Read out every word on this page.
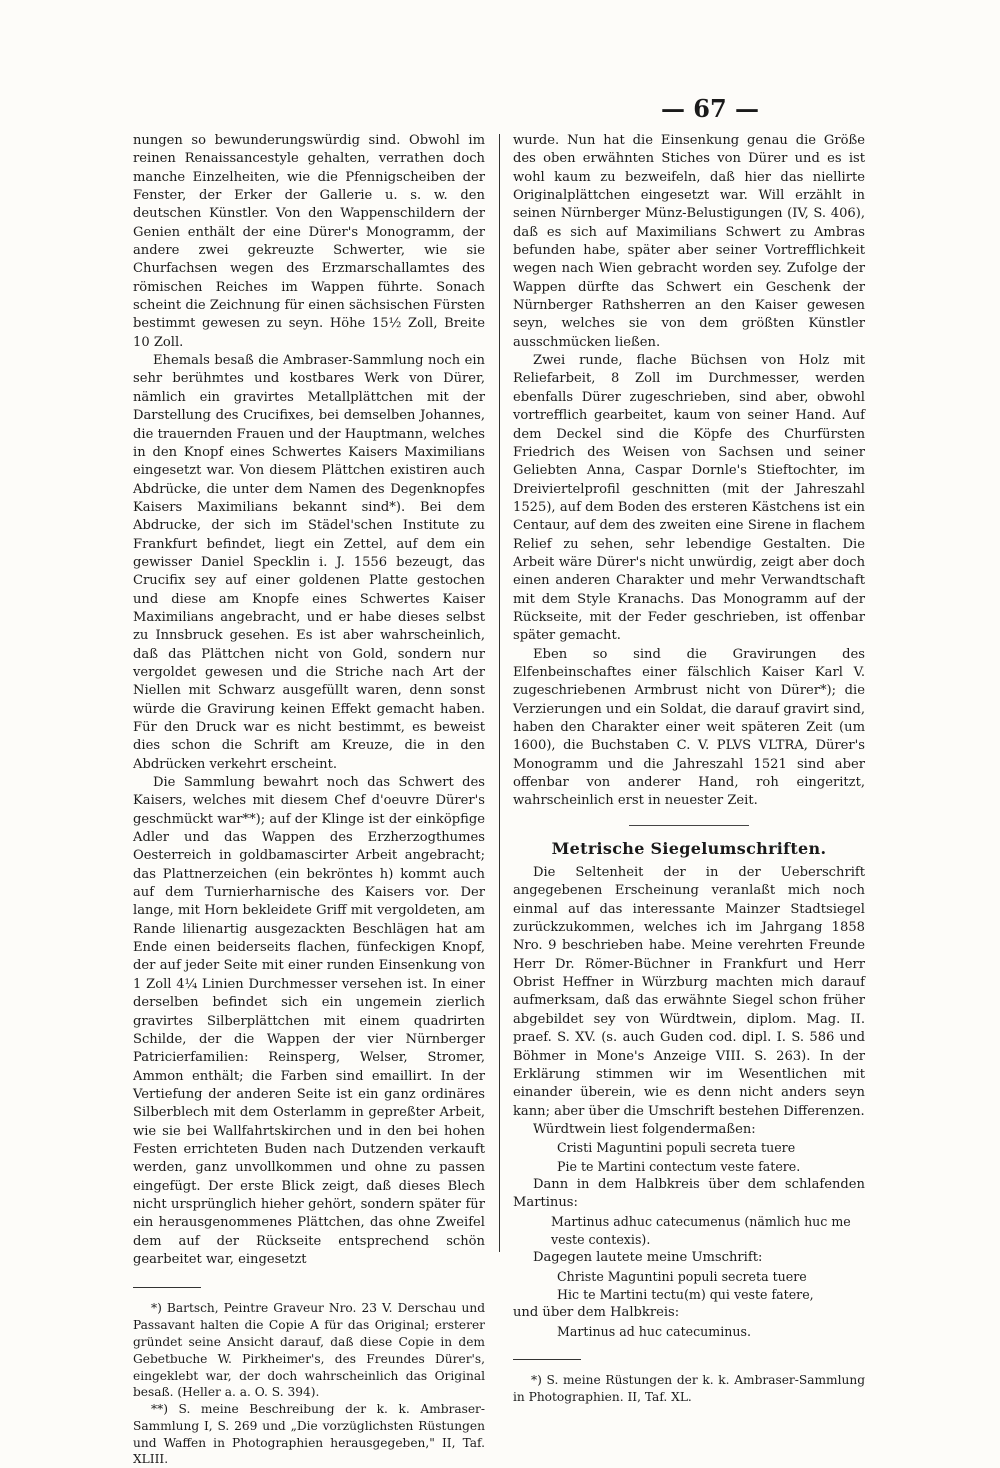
— 67 —

nungen so bewunderungswürdig sind. Obwohl im reinen Renaissancestyle gehalten, verrathen doch manche Einzelheiten, wie die Pfennigscheiben der Fenster, der Erker der Gallerie u. s. w. den deutschen Künstler. Von den Wappenschildern der Genien enthält der eine Dürer's Monogramm, der andere zwei gekreuzte Schwerter, wie sie Churfachsen wegen des Erzmarschallamtes des römischen Reiches im Wappen führte. Sonach scheint die Zeichnung für einen sächsischen Fürsten bestimmt gewesen zu seyn. Höhe 15½ Zoll, Breite 10 Zoll.

Ehemals besaß die Ambraser-Sammlung noch ein sehr berühmtes und kostbares Werk von Dürer, nämlich ein gravirtes Metallplättchen mit der Darstellung des Crucifixes, bei demselben Johannes, die trauernden Frauen und der Hauptmann, welches in den Knopf eines Schwertes Kaisers Maximilians eingesetzt war. Von diesem Plättchen existiren auch Abdrücke, die unter dem Namen des Degenknopfes Kaisers Maximilians bekannt sind*). Bei dem Abdrucke, der sich im Städel'schen Institute zu Frankfurt befindet, liegt ein Zettel, auf dem ein gewisser Daniel Specklin i. J. 1556 bezeugt, das Crucifix sey auf einer goldenen Platte gestochen und diese am Knopfe eines Schwertes Kaiser Maximilians angebracht, und er habe dieses selbst zu Innsbruck gesehen. Es ist aber wahrscheinlich, daß das Plättchen nicht von Gold, sondern nur vergoldet gewesen und die Striche nach Art der Niellen mit Schwarz ausgefüllt waren, denn sonst würde die Gravirung keinen Effekt gemacht haben. Für den Druck war es nicht bestimmt, es beweist dies schon die Schrift am Kreuze, die in den Abdrücken verkehrt erscheint.

Die Sammlung bewahrt noch das Schwert des Kaisers, welches mit diesem Chef d'oeuvre Dürer's geschmückt war**); auf der Klinge ist der einköpfige Adler und das Wappen des Erzherzogthumes Oesterreich in goldbamascirter Arbeit angebracht; das Plattnerzeichen (ein bekröntes h) kommt auch auf dem Turnierharnische des Kaisers vor. Der lange, mit Horn bekleidete Griff mit vergoldeten, am Rande lilienartig ausgezackten Beschlägen hat am Ende einen beiderseits flachen, fünfeckigen Knopf, der auf jeder Seite mit einer runden Einsenkung von 1 Zoll 4¼ Linien Durchmesser versehen ist. In einer derselben befindet sich ein ungemein zierlich gravirtes Silberplättchen mit einem quadrirten Schilde, der die Wappen der vier Nürnberger Patricierfamilien: Reinsperg, Welser, Stromer, Ammon enthält; die Farben sind emaillirt. In der Vertiefung der anderen Seite ist ein ganz ordinäres Silberblech mit dem Osterlamm in gepreßter Arbeit, wie sie bei Wallfahrtskirchen und in den bei hohen Festen errichteten Buden nach Dutzenden verkauft werden, ganz unvollkommen und ohne zu passen eingefügt. Der erste Blick zeigt, daß dieses Blech nicht ursprünglich hieher gehört, sondern später für ein herausgenommenes Plättchen, das ohne Zweifel dem auf der Rückseite entsprechend schön gearbeitet war, eingesetzt

*) Bartsch, Peintre Graveur Nro. 23 V. Derschau und Passavant halten die Copie A für das Original; ersterer gründet seine Ansicht darauf, daß diese Copie in dem Gebetbuche W. Pirkheimer's, des Freundes Dürer's, eingeklebt war, der doch wahrscheinlich das Original besaß. (Heller a. a. O. S. 394).

**) S. meine Beschreibung der k. k. Ambraser-Sammlung I, S. 269 und „Die vorzüglichsten Rüstungen und Waffen in Photographien herausgegeben," II, Taf. XLIII.

wurde. Nun hat die Einsenkung genau die Größe des oben erwähnten Stiches von Dürer und es ist wohl kaum zu bezweifeln, daß hier das niellirte Originalplättchen eingesetzt war. Will erzählt in seinen Nürnberger Münz-Belustigungen (IV, S. 406), daß es sich auf Maximilians Schwert zu Ambras befunden habe, später aber seiner Vortrefflichkeit wegen nach Wien gebracht worden sey. Zufolge der Wappen dürfte das Schwert ein Geschenk der Nürnberger Rathsherren an den Kaiser gewesen seyn, welches sie von dem größten Künstler ausschmücken ließen.

Zwei runde, flache Büchsen von Holz mit Reliefarbeit, 8 Zoll im Durchmesser, werden ebenfalls Dürer zugeschrieben, sind aber, obwohl vortrefflich gearbeitet, kaum von seiner Hand. Auf dem Deckel sind die Köpfe des Churfürsten Friedrich des Weisen von Sachsen und seiner Geliebten Anna, Caspar Dornle's Stieftochter, im Dreiviertelprofil geschnitten (mit der Jahreszahl 1525), auf dem Boden des ersteren Kästchens ist ein Centaur, auf dem des zweiten eine Sirene in flachem Relief zu sehen, sehr lebendige Gestalten. Die Arbeit wäre Dürer's nicht unwürdig, zeigt aber doch einen anderen Charakter und mehr Verwandtschaft mit dem Style Kranachs. Das Monogramm auf der Rückseite, mit der Feder geschrieben, ist offenbar später gemacht.

Eben so sind die Gravirungen des Elfenbeinschaftes einer fälschlich Kaiser Karl V. zugeschriebenen Armbrust nicht von Dürer*); die Verzierungen und ein Soldat, die darauf gravirt sind, haben den Charakter einer weit späteren Zeit (um 1600), die Buchstaben C. V. PLVS VLTRA, Dürer's Monogramm und die Jahreszahl 1521 sind aber offenbar von anderer Hand, roh eingeritzt, wahrscheinlich erst in neuester Zeit.

Metrische Siegelumschriften.

Die Seltenheit der in der Ueberschrift angegebenen Erscheinung veranlaßt mich noch einmal auf das interessante Mainzer Stadtsiegel zurückzukommen, welches ich im Jahrgang 1858 Nro. 9 beschrieben habe. Meine verehrten Freunde Herr Dr. Römer-Büchner in Frankfurt und Herr Obrist Heffner in Würzburg machten mich darauf aufmerksam, daß das erwähnte Siegel schon früher abgebildet sey von Würdtwein, diplom. Mag. II. praef. S. XV. (s. auch Guden cod. dipl. I. S. 586 und Böhmer in Mone's Anzeige VIII. S. 263). In der Erklärung stimmen wir im Wesentlichen mit einander überein, wie es denn nicht anders seyn kann; aber über die Umschrift bestehen Differenzen.

Würdtwein liest folgendermaßen:

Cristi Maguntini populi secreta tuere
Pie te Martini contectum veste fatere.

Dann in dem Halbkreis über dem schlafenden Martinus:

Martinus adhuc catecumenus (nämlich huc me veste contexis).

Dagegen lautete meine Umschrift:

Christe Maguntini populi secreta tuere
Hic te Martini tectu(m) qui veste fatere,

und über dem Halbkreis:

Martinus ad huc catecuminus.

*) S. meine Rüstungen der k. k. Ambraser-Sammlung in Photographien. II, Taf. XL.
